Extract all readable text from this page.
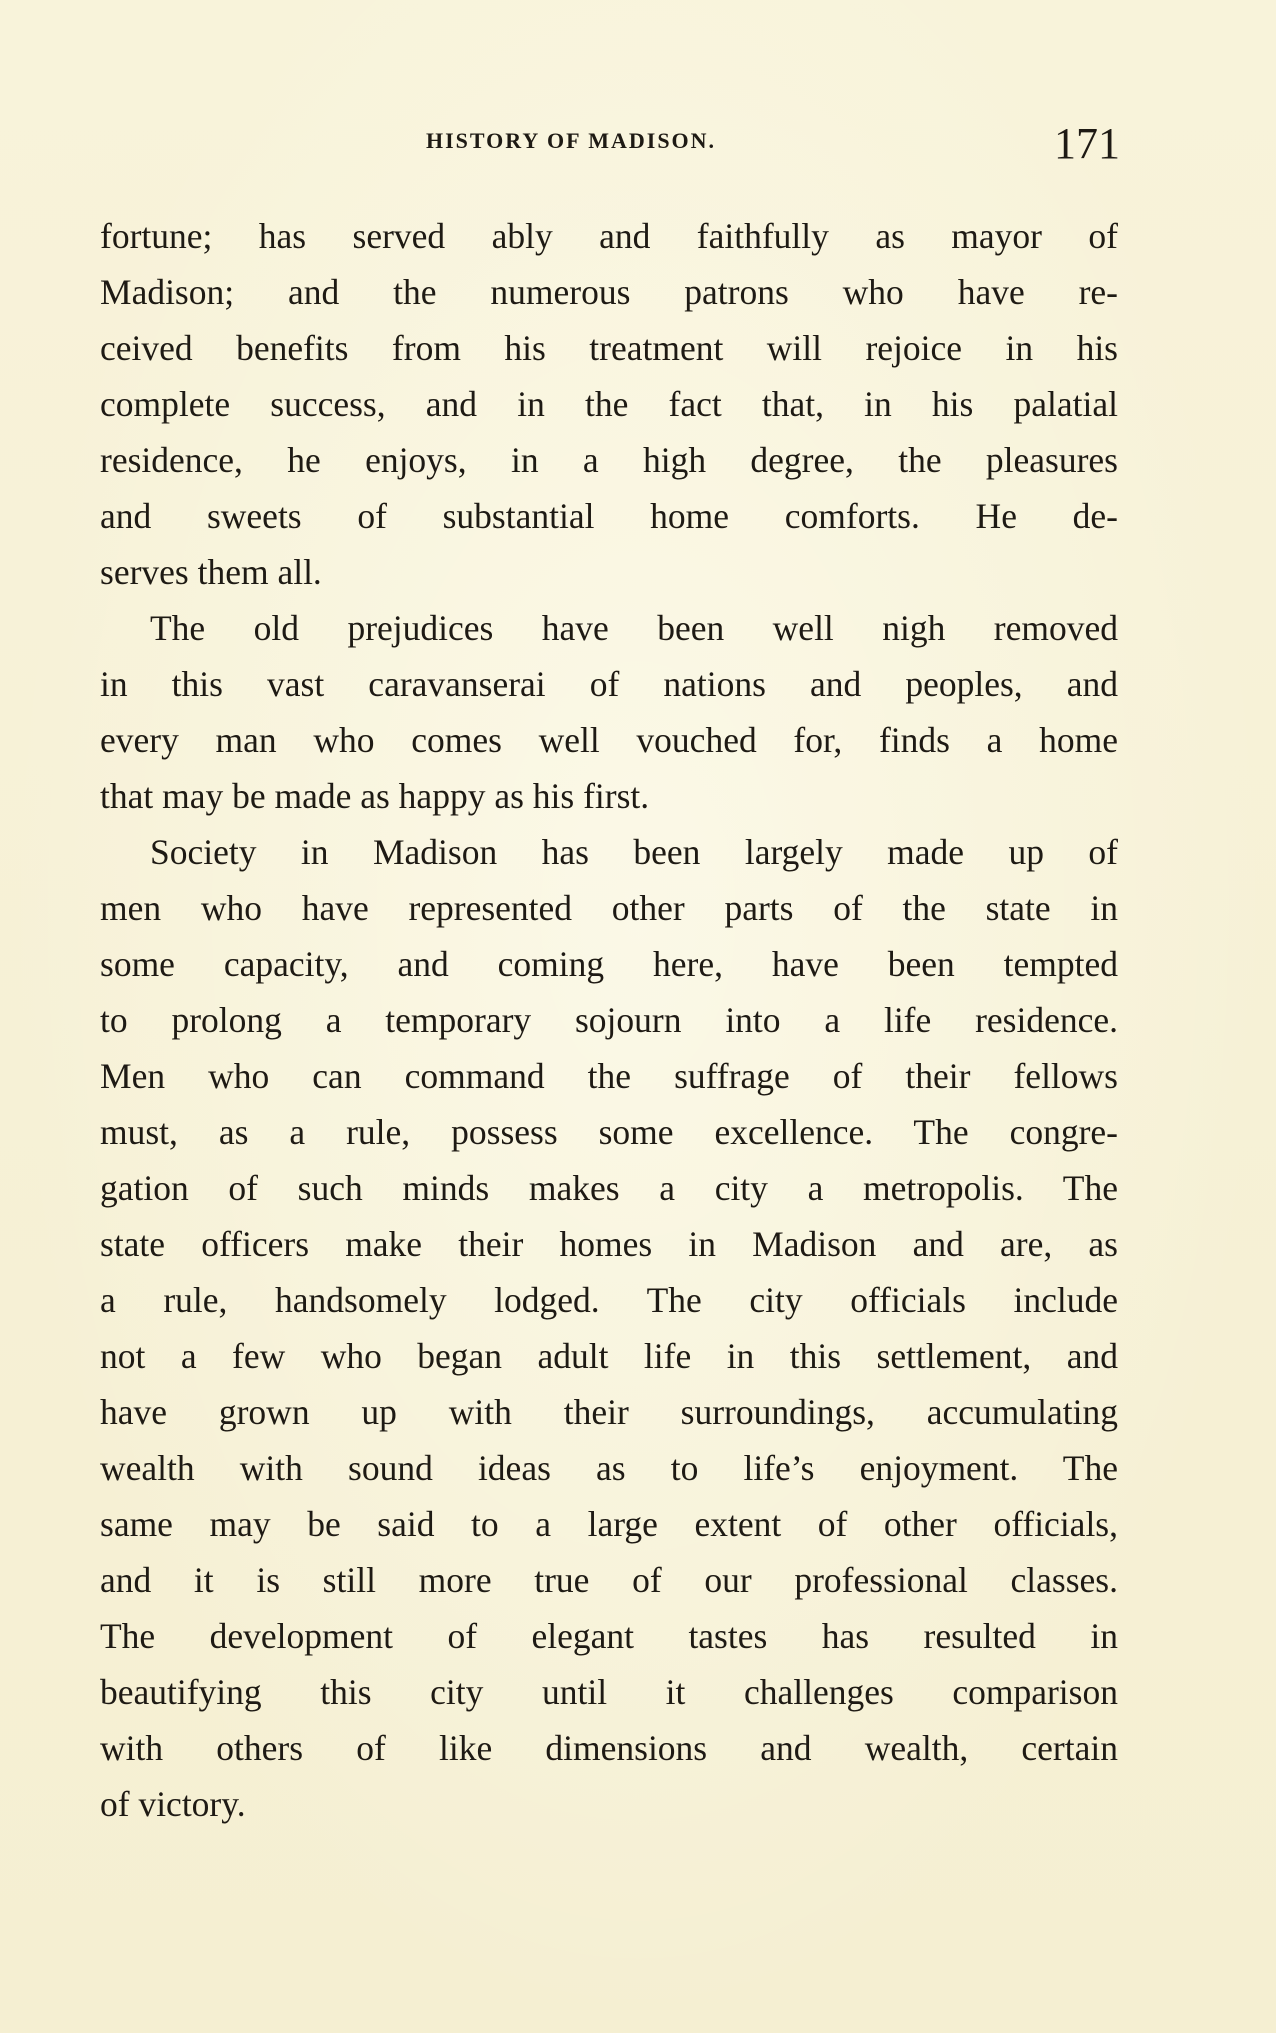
HISTORY OF MADISON.	171
fortune; has served ably and faithfully as mayor of
Madison; and the numerous patrons who have re-
ceived benefits from his treatment will rejoice in his
complete success, and in the fact that, in his palatial
residence, he enjoys, in a high degree, the pleasures
and sweets of substantial home comforts. He de-
serves them all.
The old prejudices have been well nigh removed
in this vast caravanserai of nations and peoples, and
every man who comes well vouched for, finds a home
that may be made as happy as his first.
Society in Madison has been largely made up of
men who have represented other parts of the state in
some capacity, and coming here, have been tempted
to prolong a temporary sojourn into a life residence.
Men who can command the suffrage of their fellows
must, as a rule, possess some excellence. The congre-
gation of such minds makes a city a metropolis. The
state officers make their homes in Madison and are, as
a rule, handsomely lodged. The city officials include
not a few who began adult life in this settlement, and
have grown up with their surroundings, accumulating
wealth with sound ideas as to life’s enjoyment. The
same may be said to a large extent of other officials,
and it is still more true of our professional classes.
The development of elegant tastes has resulted in
beautifying this city until it challenges comparison
with others of like dimensions and wealth, certain
of victory.
